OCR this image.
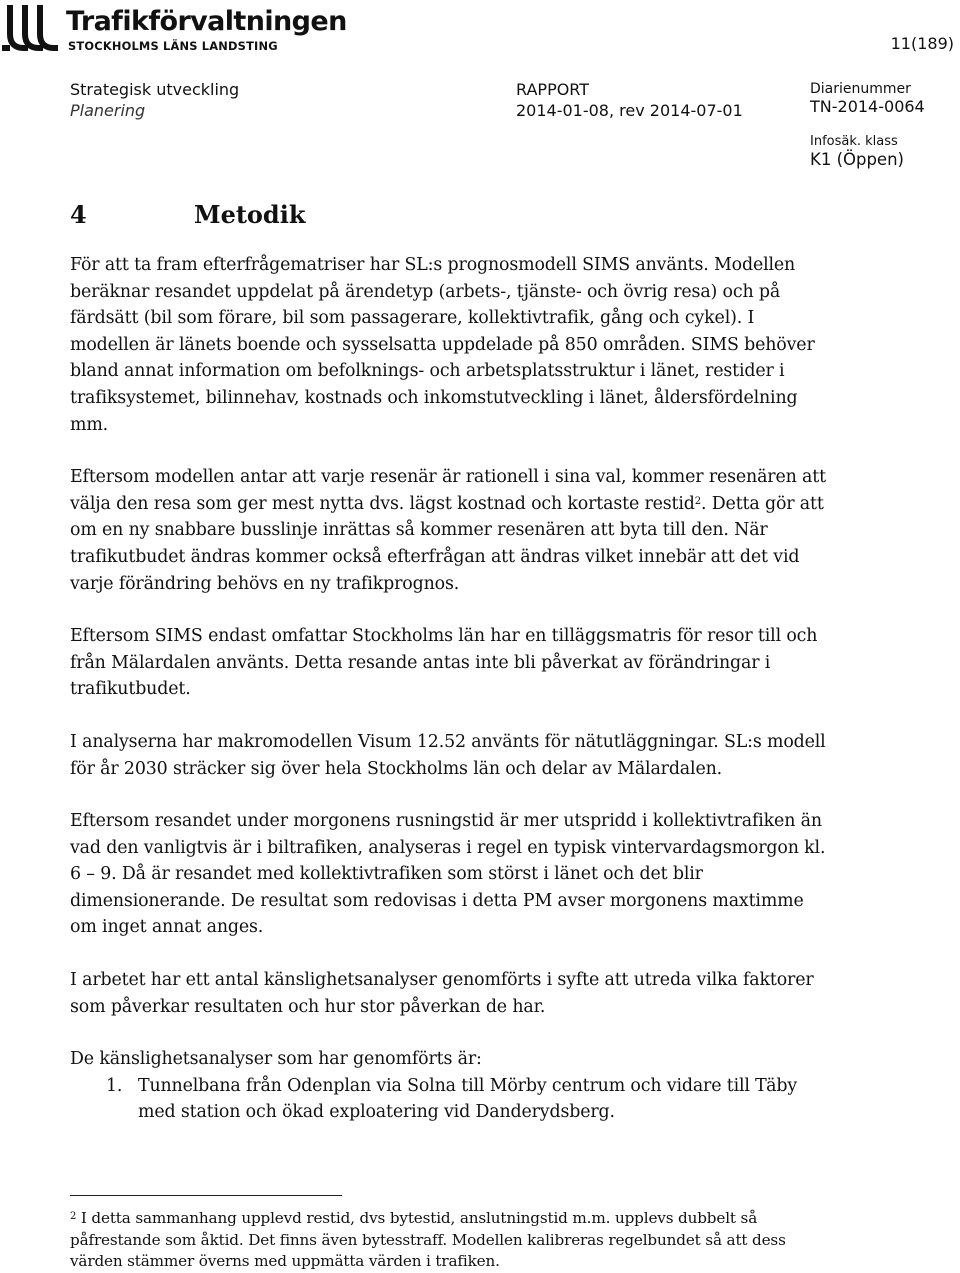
Trafikförvaltningen
STOCKHOLMS LÄNS LANDSTING	11(189)
Strategisk utveckling
Planering
RAPPORT
2014-01-08, rev 2014-07-01
Diarienummer
TN-2014-0064
Infosäk. klass
K1 (Öppen)
4	Metodik

För att ta fram efterfrågematriser har SL:s prognosmodell SIMS använts. Modellen beräknar resandet uppdelat på ärendetyp (arbets-, tjänste- och övrig resa) och på färdsätt (bil som förare, bil som passagerare, kollektivtrafik, gång och cykel). I modellen är länets boende och sysselsatta uppdelade på 850 områden. SIMS behöver bland annat information om befolknings- och arbetsplatsstruktur i länet, restider i trafiksystemet, bilinnehav, kostnads och inkomstutveckling i länet, åldersfördelning mm.

Eftersom modellen antar att varje resenär är rationell i sina val, kommer resenären att välja den resa som ger mest nytta dvs. lägst kostnad och kortaste restid$^2$. Detta gör att om en ny snabbare busslinje inrättas så kommer resenären att byta till den. När trafikutbudet ändras kommer också efterfrågan att ändras vilket innebär att det vid varje förändring behövs en ny trafikprognos.

Eftersom SIMS endast omfattar Stockholms län har en tilläggsmatris för resor till och från Mälardalen använts. Detta resande antas inte bli påverkat av förändringar i trafikutbudet.

I analyserna har makromodellen Visum 12.52 använts för nätutläggningar. SL:s modell för år 2030 sträcker sig över hela Stockholms län och delar av Mälardalen.

Eftersom resandet under morgonens rusningstid är mer utspridd i kollektivtrafiken än vad den vanligtvis är i biltrafiken, analyseras i regel en typisk vintervardagsmorgon kl. 6 – 9. Då är resandet med kollektivtrafiken som störst i länet och det blir dimensionerande. De resultat som redovisas i detta PM avser morgonens maxtimme om inget annat anges.

I arbetet har ett antal känslighetsanalyser genomförts i syfte att utreda vilka faktorer som påverkar resultaten och hur stor påverkan de har.

De känslighetsanalyser som har genomförts är:

1. Tunnelbana från Odenplan via Solna till Mörby centrum och vidare till Täby med station och ökad exploatering vid Danderydsberg.

$^2$ I detta sammanhang upplevd restid, dvs bytestid, anslutningstid m.m. upplevs dubbelt så påfrestande som åktid. Det finns även bytesstraff. Modellen kalibreras regelbundet så att dess värden stämmer överns med uppmätta värden i trafiken.
